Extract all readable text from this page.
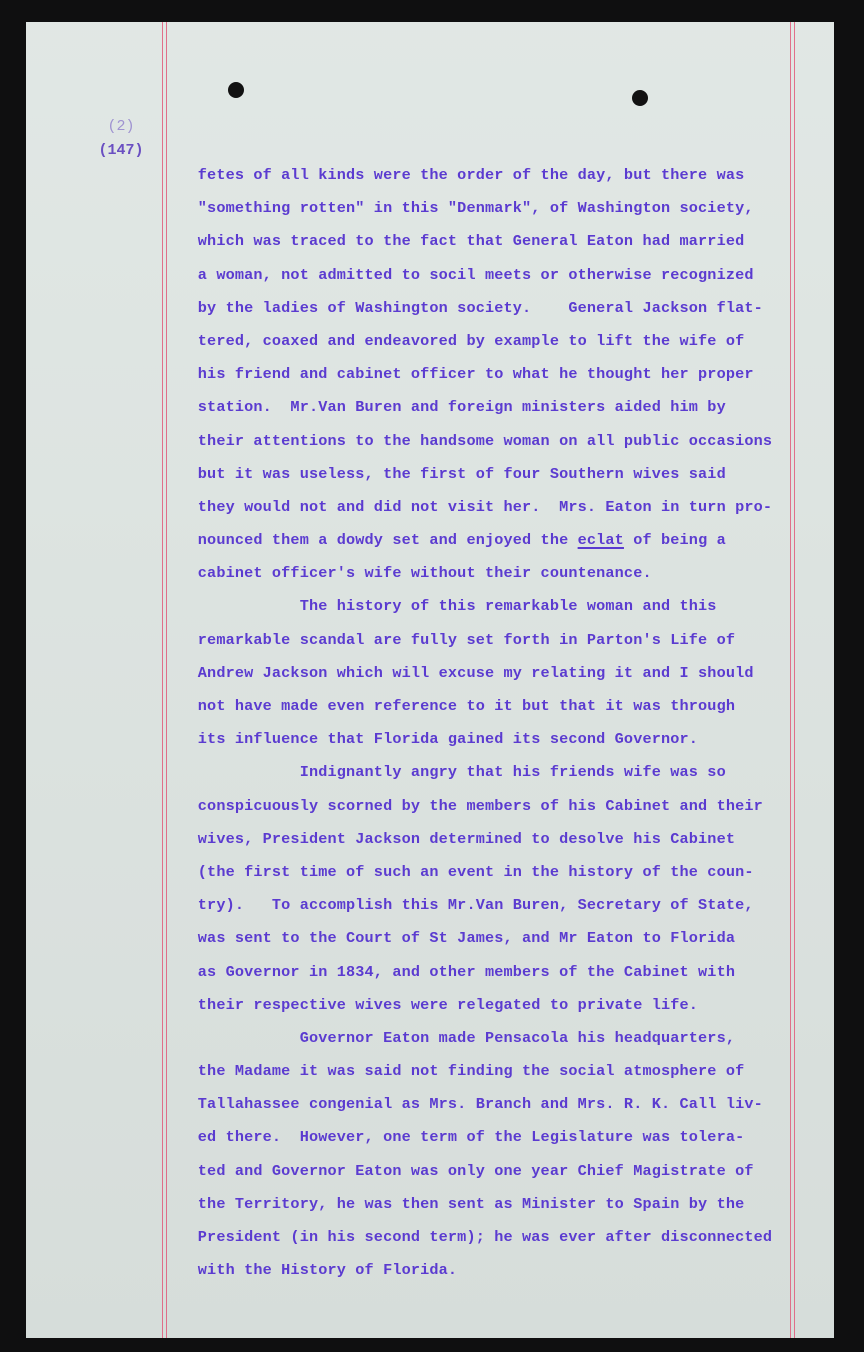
(2)
(147)
fetes of all kinds were the order of the day, but there was
"something rotten" in this "Denmark", of Washington society,
which was traced to the fact that General Eaton had married
a woman, not admitted to socil meets or otherwise recognized
by the ladies of Washington society.    General Jackson flat-
tered, coaxed and endeavored by example to lift the wife of
his friend and cabinet officer to what he thought her proper
station.  Mr.Van Buren and foreign ministers aided him by
their attentions to the handsome woman on all public occasions
but it was useless, the first of four Southern wives said
they would not and did not visit her.  Mrs. Eaton in turn pro-
nounced them a dowdy set and enjoyed the eclat of being a
cabinet officer's wife without their countenance.
The history of this remarkable woman and this
remarkable scandal are fully set forth in Parton's Life of
Andrew Jackson which will excuse my relating it and I should
not have made even reference to it but that it was through
its influence that Florida gained its second Governor.
Indignantly angry that his friends wife was so
conspicuously scorned by the members of his Cabinet and their
wives, President Jackson determined to desolve his Cabinet
(the first time of such an event in the history of the coun-
try).   To accomplish this Mr.Van Buren, Secretary of State,
was sent to the Court of St James, and Mr Eaton to Florida
as Governor in 1834, and other members of the Cabinet with
their respective wives were relegated to private life.
Governor Eaton made Pensacola his headquarters,
the Madame it was said not finding the social atmosphere of
Tallahassee congenial as Mrs. Branch and Mrs. R. K. Call liv-
ed there.  However, one term of the Legislature was tolera-
ted and Governor Eaton was only one year Chief Magistrate of
the Territory, he was then sent as Minister to Spain by the
President (in his second term); he was ever after disconnected
with the History of Florida.
